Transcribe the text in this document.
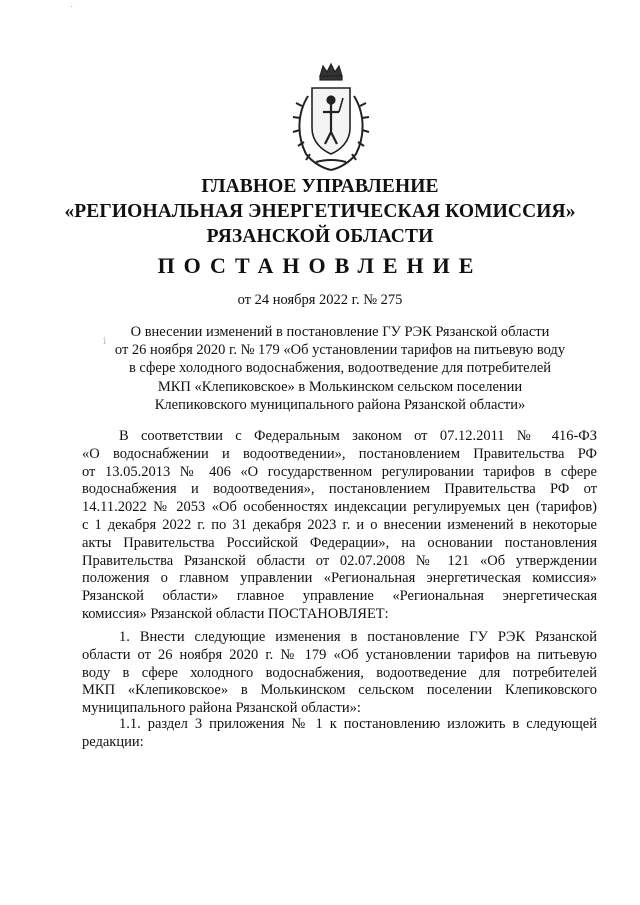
·
ⅰ
ГЛАВНОЕ УПРАВЛЕНИЕ
«РЕГИОНАЛЬНАЯ ЭНЕРГЕТИЧЕСКАЯ КОМИССИЯ»
РЯЗАНСКОЙ ОБЛАСТИ
ПОСТАНОВЛЕНИЕ
от 24 ноября 2022 г. № 275
О внесении изменений в постановление ГУ РЭК Рязанской области
от 26 ноября 2020 г. № 179 «Об установлении тарифов на питьевую воду
в сфере холодного водоснабжения, водоотведение для потребителей
МКП «Клепиковское» в Молькинском сельском поселении
Клепиковского муниципального района Рязанской области»
В соответствии с Федеральным законом от 07.12.2011 № 416-ФЗ
«О водоснабжении и водоотведении», постановлением Правительства РФ
от 13.05.2013 № 406 «О государственном регулировании тарифов в сфере
водоснабжения и водоотведения», постановлением Правительства РФ от
14.11.2022 № 2053 «Об особенностях индексации регулируемых цен (тарифов)
с 1 декабря 2022 г. по 31 декабря 2023 г. и о внесении изменений в некоторые
акты Правительства Российской Федерации», на основании постановления
Правительства Рязанской области от 02.07.2008 № 121 «Об утверждении
положения о главном управлении «Региональная энергетическая комиссия»
Рязанской области» главное управление «Региональная энергетическая
комиссия» Рязанской области ПОСТАНОВЛЯЕТ:
1. Внести следующие изменения в постановление ГУ РЭК Рязанской
области от 26 ноября 2020 г. № 179 «Об установлении тарифов на питьевую
воду в сфере холодного водоснабжения, водоотведение для потребителей
МКП «Клепиковское» в Молькинском сельском поселении Клепиковского
муниципального района Рязанской области»:
1.1. раздел 3 приложения № 1 к постановлению изложить в следующей
редакции:
